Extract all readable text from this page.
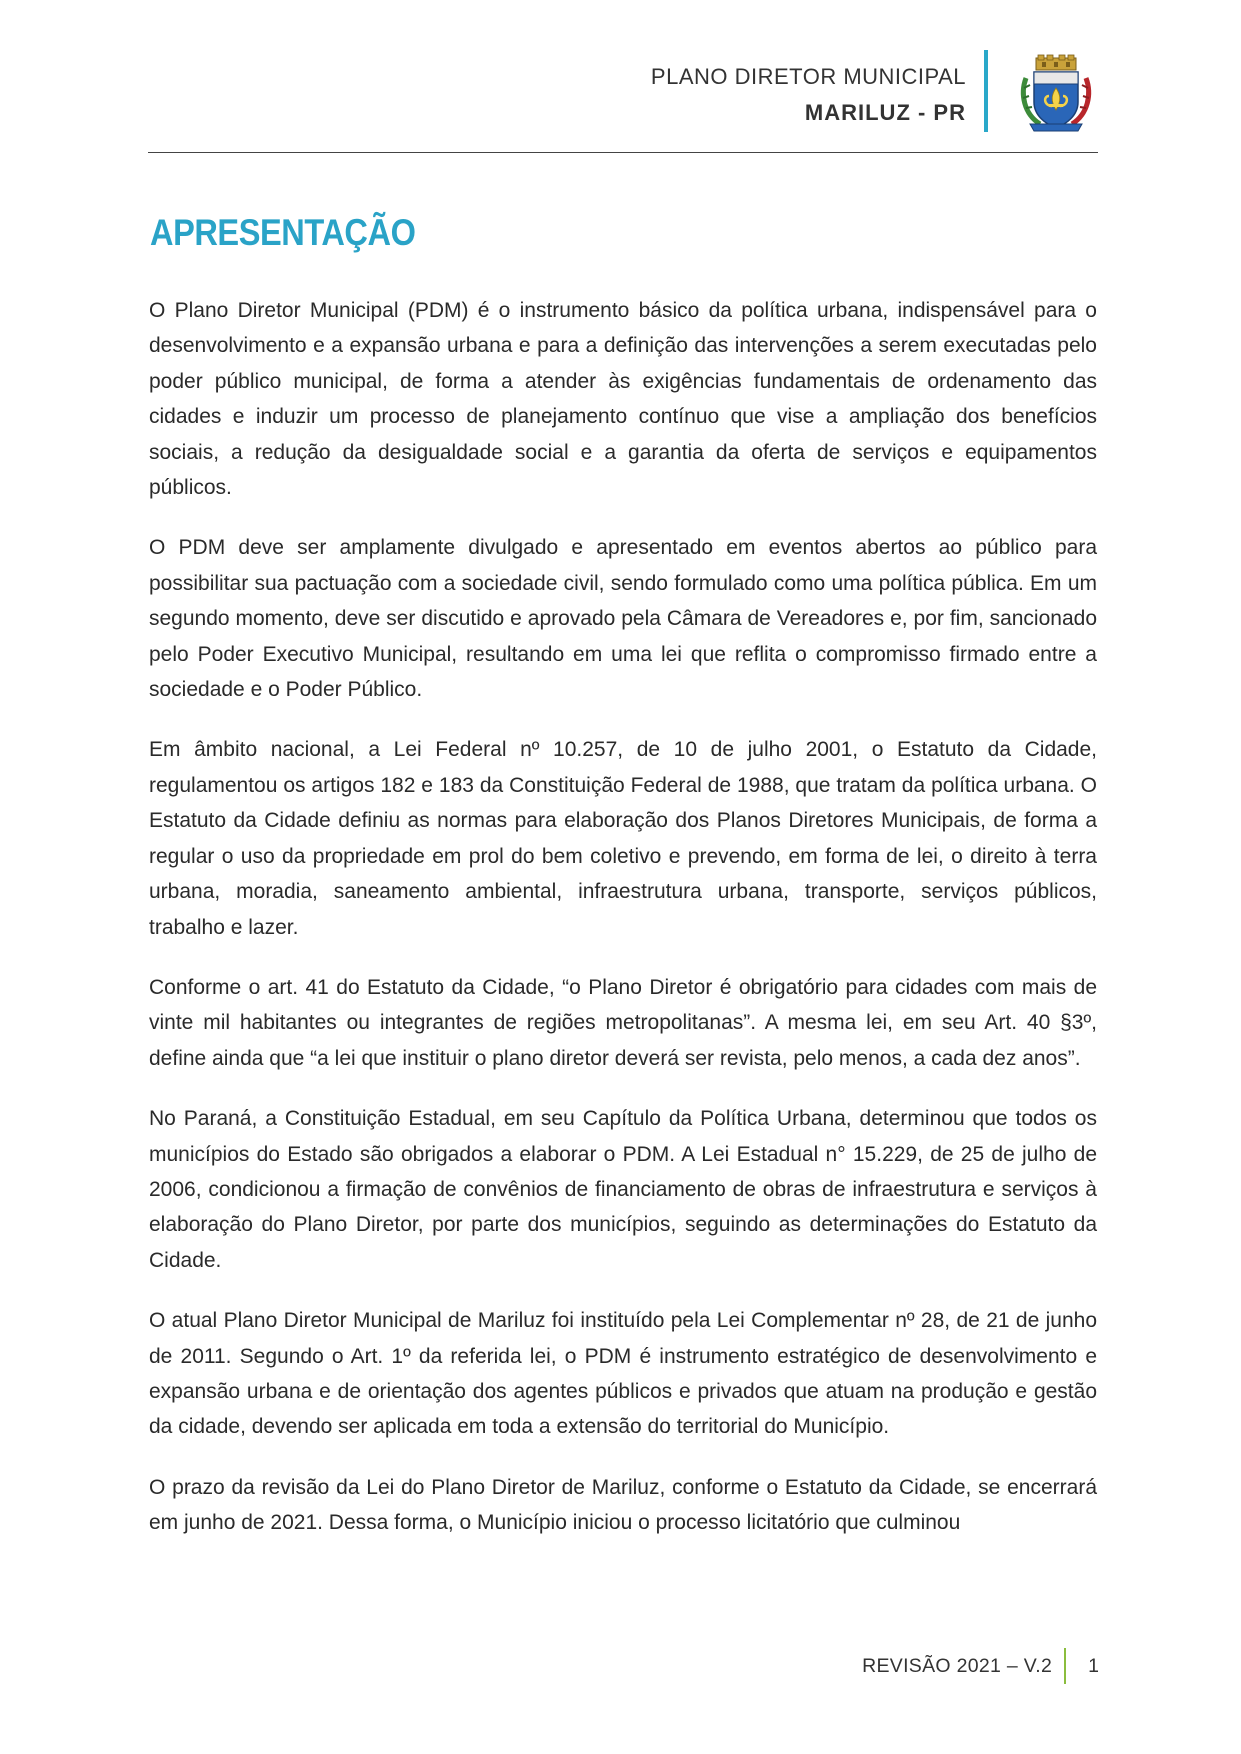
PLANO DIRETOR MUNICIPAL
MARILUZ - PR
APRESENTAÇÃO

O Plano Diretor Municipal (PDM) é o instrumento básico da política urbana, indispensável para o desenvolvimento e a expansão urbana e para a definição das intervenções a serem executadas pelo poder público municipal, de forma a atender às exigências fundamentais de ordenamento das cidades e induzir um processo de planejamento contínuo que vise a ampliação dos benefícios sociais, a redução da desigualdade social e a garantia da oferta de serviços e equipamentos públicos.

O PDM deve ser amplamente divulgado e apresentado em eventos abertos ao público para possibilitar sua pactuação com a sociedade civil, sendo formulado como uma política pública. Em um segundo momento, deve ser discutido e aprovado pela Câmara de Vereadores e, por fim, sancionado pelo Poder Executivo Municipal, resultando em uma lei que reflita o compromisso firmado entre a sociedade e o Poder Público.

Em âmbito nacional, a Lei Federal nº 10.257, de 10 de julho 2001, o Estatuto da Cidade, regulamentou os artigos 182 e 183 da Constituição Federal de 1988, que tratam da política urbana. O Estatuto da Cidade definiu as normas para elaboração dos Planos Diretores Municipais, de forma a regular o uso da propriedade em prol do bem coletivo e prevendo, em forma de lei, o direito à terra urbana, moradia, saneamento ambiental, infraestrutura urbana, transporte, serviços públicos, trabalho e lazer.

Conforme o art. 41 do Estatuto da Cidade, “o Plano Diretor é obrigatório para cidades com mais de vinte mil habitantes ou integrantes de regiões metropolitanas”. A mesma lei, em seu Art. 40 §3º, define ainda que “a lei que instituir o plano diretor deverá ser revista, pelo menos, a cada dez anos”.

No Paraná, a Constituição Estadual, em seu Capítulo da Política Urbana, determinou que todos os municípios do Estado são obrigados a elaborar o PDM. A Lei Estadual n° 15.229, de 25 de julho de 2006, condicionou a firmação de convênios de financiamento de obras de infraestrutura e serviços à elaboração do Plano Diretor, por parte dos municípios, seguindo as determinações do Estatuto da Cidade.

O atual Plano Diretor Municipal de Mariluz foi instituído pela Lei Complementar nº 28, de 21 de junho de 2011. Segundo o Art. 1º da referida lei, o PDM é instrumento estratégico de desenvolvimento e expansão urbana e de orientação dos agentes públicos e privados que atuam na produção e gestão da cidade, devendo ser aplicada em toda a extensão do territorial do Município.

O prazo da revisão da Lei do Plano Diretor de Mariluz, conforme o Estatuto da Cidade, se encerrará em junho de 2021. Dessa forma, o Município iniciou o processo licitatório que culminou

REVISÃO 2021 – V.2 1
